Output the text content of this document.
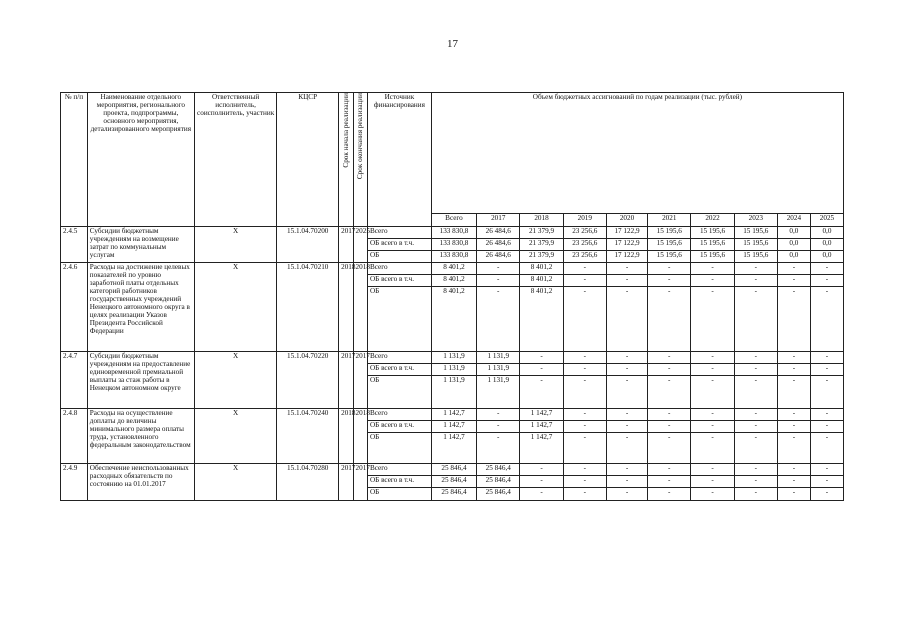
17
№ п/п	Наименование отдельного мероприятия, регионального проекта, подпрограммы, основного мероприятия, детализированного мероприятия	Ответственный исполнитель, соисполнитель, участник	КЦСР	Срок начала реализации	Срок окончания реализации	Источник финансирования	Объем бюджетных ассигнований по годам реализации (тыс. рублей)									
							Всего	2017	2018	2019	2020	2021	2022	2023	2024	2025
2.4.5	Субсидии бюджетным учреждениям на возмещение затрат по коммунальным услугам	Х	15.1.04.70200	2017	2025	Всего	133 830,8	26 484,6	21 379,9	23 256,6	17 122,9	15 195,6	15 195,6	15 195,6	0,0	0,0
						ОБ всего в т.ч.	133 830,8	26 484,6	21 379,9	23 256,6	17 122,9	15 195,6	15 195,6	15 195,6	0,0	0,0
						ОБ	133 830,8	26 484,6	21 379,9	23 256,6	17 122,9	15 195,6	15 195,6	15 195,6	0,0	0,0
2.4.6	Расходы на достижение целевых показателей по уровню заработной платы отдельных категорий работников государственных учреждений Ненецкого автономного округа в целях реализации Указов Президента Российской Федерации	Х	15.1.04.70210	2018	2018	Всего	8 401,2	-	8 401,2	-	-	-	-	-	-	-
						ОБ всего в т.ч.	8 401,2	-	8 401,2	-	-	-	-	-	-	-
						ОБ	8 401,2	-	8 401,2	-	-	-	-	-	-	-
2.4.7	Субсидии бюджетным учреждениям на предоставление единовременной премиальной выплаты за стаж работы в Ненецком автономном округе	Х	15.1.04.70220	2017	2017	Всего	1 131,9	1 131,9	-	-	-	-	-	-	-	-
						ОБ всего в т.ч.	1 131,9	1 131,9	-	-	-	-	-	-	-	-
						ОБ	1 131,9	1 131,9	-	-	-	-	-	-	-	-
2.4.8	Расходы на осуществление доплаты до величины минимального размера оплаты труда, установленного федеральным законодательством	Х	15.1.04.70240	2018	2018	Всего	1 142,7	-	1 142,7	-	-	-	-	-	-	-
						ОБ всего в т.ч.	1 142,7	-	1 142,7	-	-	-	-	-	-	-
						ОБ	1 142,7	-	1 142,7	-	-	-	-	-	-	-
2.4.9	Обеспечение неиспользованных расходных обязательств по состоянию на 01.01.2017	Х	15.1.04.70280	2017	2017	Всего	25 846,4	25 846,4	-	-	-	-	-	-	-	-
						ОБ всего в т.ч.	25 846,4	25 846,4	-	-	-	-	-	-	-	-
						ОБ	25 846,4	25 846,4	-	-	-	-	-	-	-	-
